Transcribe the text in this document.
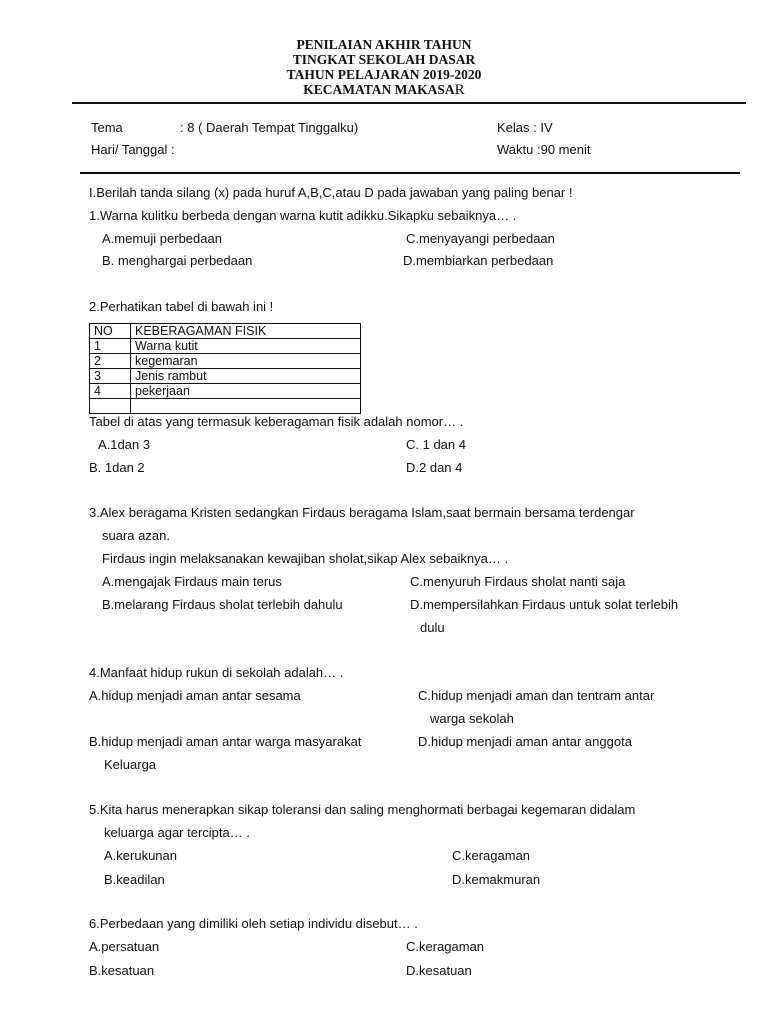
PENILAIAN AKHIR TAHUN
TINGKAT SEKOLAH DASAR
TAHUN PELAJARAN 2019-2020
KECAMATAN MAKASAR
Tema	: 8 ( Daerah Tempat Tinggalku)	Kelas : IV
Hari/ Tanggal :	Waktu :90 menit
I.Berilah tanda silang (x) pada huruf A,B,C,atau D pada jawaban yang paling benar !
1.Warna kulitku berbeda dengan warna kutit adikku.Sikapku sebaiknya… .
A.memuji perbedaan	C.menyayangi perbedaan
B. menghargai perbedaan	D.membiarkan perbedaan
2.Perhatikan tabel di bawah ini !
NO	KEBERAGAMAN FISIK
1	Warna kutit
2	kegemaran
3	Jenis rambut
4	pekerjaan

Tabel di atas yang termasuk keberagaman fisik adalah nomor… .
A.1dan 3	C. 1 dan 4
B. 1dan 2	D.2 dan 4
3.Alex beragama Kristen sedangkan Firdaus beragama Islam,saat bermain bersama terdengar
suara azan.
Firdaus ingin melaksanakan kewajiban sholat,sikap Alex sebaiknya… .
A.mengajak Firdaus main terus	C.menyuruh Firdaus sholat nanti saja
B.melarang Firdaus sholat terlebih dahulu	D.mempersilahkan Firdaus untuk solat terlebih
dulu
4.Manfaat hidup rukun di sekolah adalah… .
A.hidup menjadi aman antar sesama	C.hidup menjadi aman dan tentram antar
warga sekolah
B.hidup menjadi aman antar warga masyarakat	D.hidup menjadi aman antar anggota
Keluarga
5.Kita harus menerapkan sikap toleransi dan saling menghormati berbagai kegemaran didalam
keluarga agar tercipta… .
A.kerukunan	C.keragaman
B.keadilan	D.kemakmuran
6.Perbedaan yang dimiliki oleh setiap individu disebut… .
A.persatuan	C.keragaman
B.kesatuan	D.kesatuan
